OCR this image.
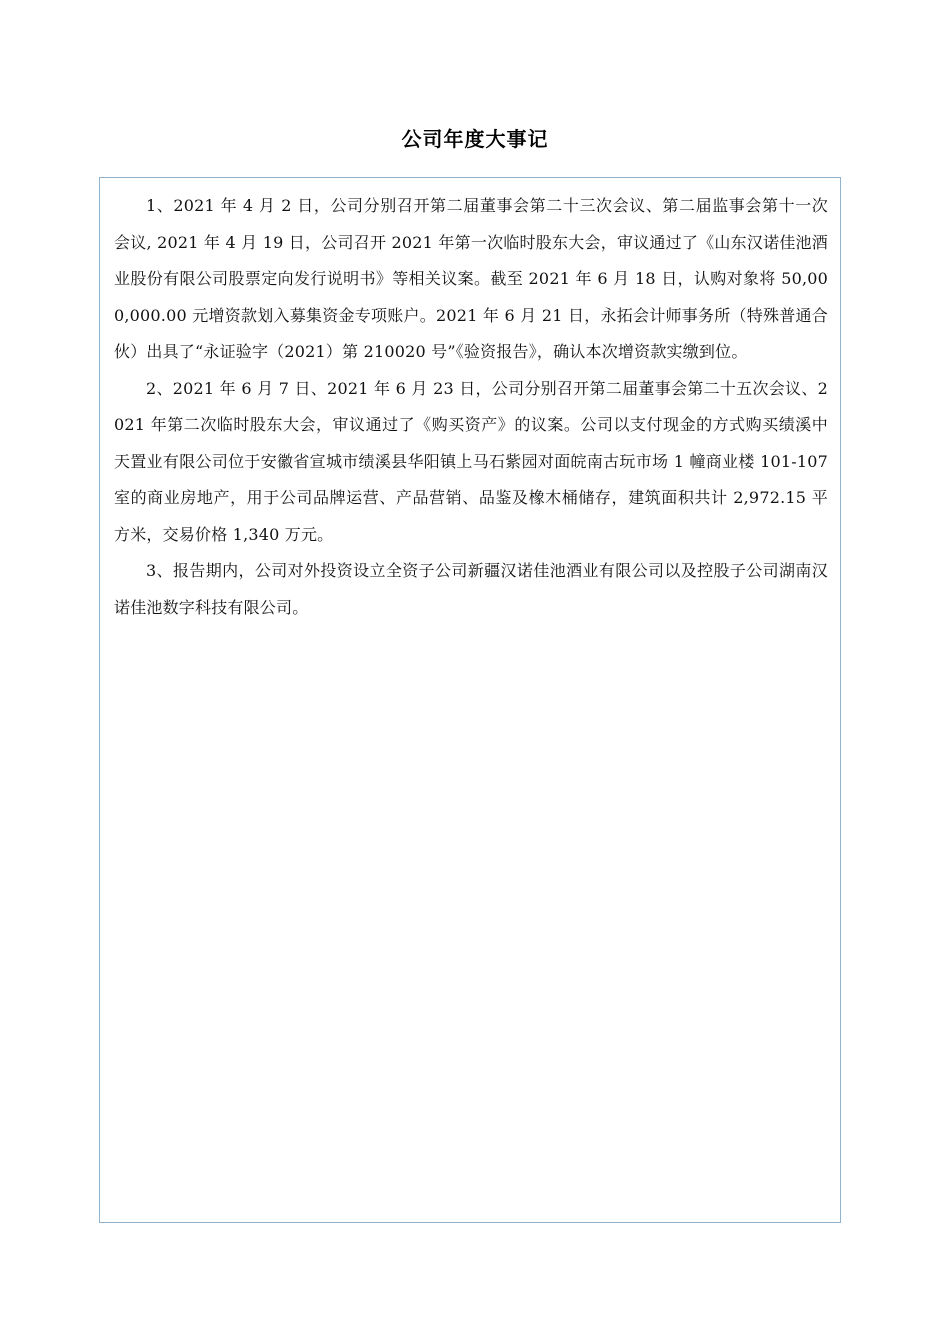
公司年度大事记

1、2021 年 4 月 2 日，公司分别召开第二届董事会第二十三次会议、第二届监事会第十一次会议, 2021 年 4 月 19 日，公司召开 2021 年第一次临时股东大会，审议通过了《山东汉诺佳池酒业股份有限公司股票定向发行说明书》等相关议案。截至 2021 年 6 月 18 日，认购对象将 50,000,000.00 元增资款划入募集资金专项账户。2021 年 6 月 21 日，永拓会计师事务所（特殊普通合伙）出具了“永证验字（2021）第 210020 号”《验资报告》，确认本次增资款实缴到位。

2、2021 年 6 月 7 日、2021 年 6 月 23 日，公司分别召开第二届董事会第二十五次会议、2021 年第二次临时股东大会，审议通过了《购买资产》的议案。公司以支付现金的方式购买绩溪中天置业有限公司位于安徽省宣城市绩溪县华阳镇上马石紫园对面皖南古玩市场 1 幢商业楼 101-107 室的商业房地产，用于公司品牌运营、产品营销、品鉴及橡木桶储存，建筑面积共计 2,972.15 平方米，交易价格 1,340 万元。

3、报告期内，公司对外投资设立全资子公司新疆汉诺佳池酒业有限公司以及控股子公司湖南汉诺佳池数字科技有限公司。
